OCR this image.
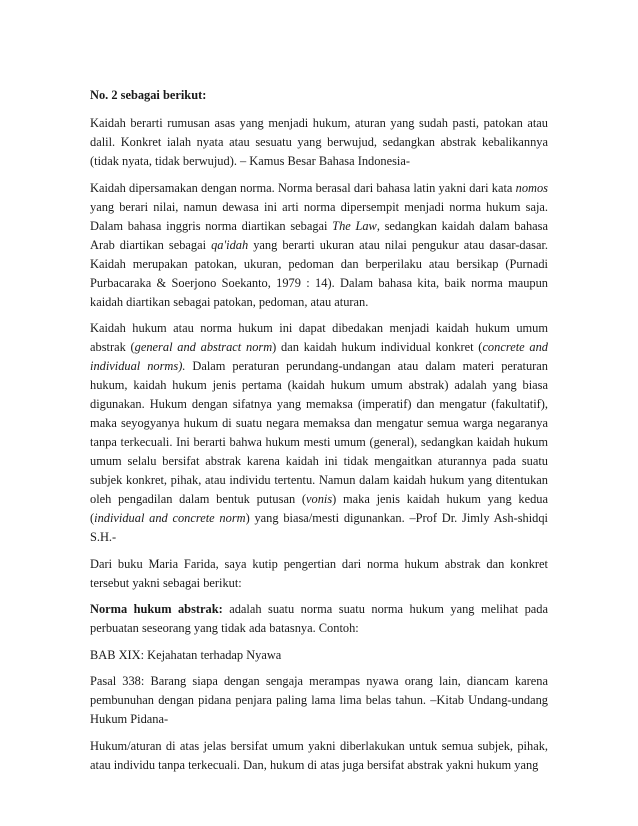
No. 2 sebagai berikut:

Kaidah berarti rumusan asas yang menjadi hukum, aturan yang sudah pasti, patokan atau dalil. Konkret ialah nyata atau sesuatu yang berwujud, sedangkan abstrak kebalikannya (tidak nyata, tidak berwujud). – Kamus Besar Bahasa Indonesia-

Kaidah dipersamakan dengan norma. Norma berasal dari bahasa latin yakni dari kata nomos yang berari nilai, namun dewasa ini arti norma dipersempit menjadi norma hukum saja. Dalam bahasa inggris norma diartikan sebagai The Law, sedangkan kaidah dalam bahasa Arab diartikan sebagai qa'idah yang berarti ukuran atau nilai pengukur atau dasar-dasar. Kaidah merupakan patokan, ukuran, pedoman dan berperilaku atau bersikap (Purnadi Purbacaraka & Soerjono Soekanto, 1979 : 14). Dalam bahasa kita, baik norma maupun kaidah diartikan sebagai patokan, pedoman, atau aturan.

Kaidah hukum atau norma hukum ini dapat dibedakan menjadi kaidah hukum umum abstrak (general and abstract norm) dan kaidah hukum individual konkret (concrete and individual norms). Dalam peraturan perundang-undangan atau dalam materi peraturan hukum, kaidah hukum jenis pertama (kaidah hukum umum abstrak) adalah yang biasa digunakan. Hukum dengan sifatnya yang memaksa (imperatif) dan mengatur (fakultatif), maka seyogyanya hukum di suatu negara memaksa dan mengatur semua warga negaranya tanpa terkecuali. Ini berarti bahwa hukum mesti umum (general), sedangkan kaidah hukum umum selalu bersifat abstrak karena kaidah ini tidak mengaitkan aturannya pada suatu subjek konkret, pihak, atau individu tertentu. Namun dalam kaidah hukum yang ditentukan oleh pengadilan dalam bentuk putusan (vonis) maka jenis kaidah hukum yang kedua (individual and concrete norm) yang biasa/mesti digunankan. –Prof Dr. Jimly Ash-shidqi S.H.-

Dari buku Maria Farida, saya kutip pengertian dari norma hukum abstrak dan konkret tersebut yakni sebagai berikut:

Norma hukum abstrak: adalah suatu norma suatu norma hukum yang melihat pada perbuatan seseorang yang tidak ada batasnya. Contoh:

BAB XIX: Kejahatan terhadap Nyawa

Pasal 338: Barang siapa dengan sengaja merampas nyawa orang lain, diancam karena pembunuhan dengan pidana penjara paling lama lima belas tahun. –Kitab Undang-undang Hukum Pidana-

Hukum/aturan di atas jelas bersifat umum yakni diberlakukan untuk semua subjek, pihak, atau individu tanpa terkecuali. Dan, hukum di atas juga bersifat abstrak yakni hukum yang
